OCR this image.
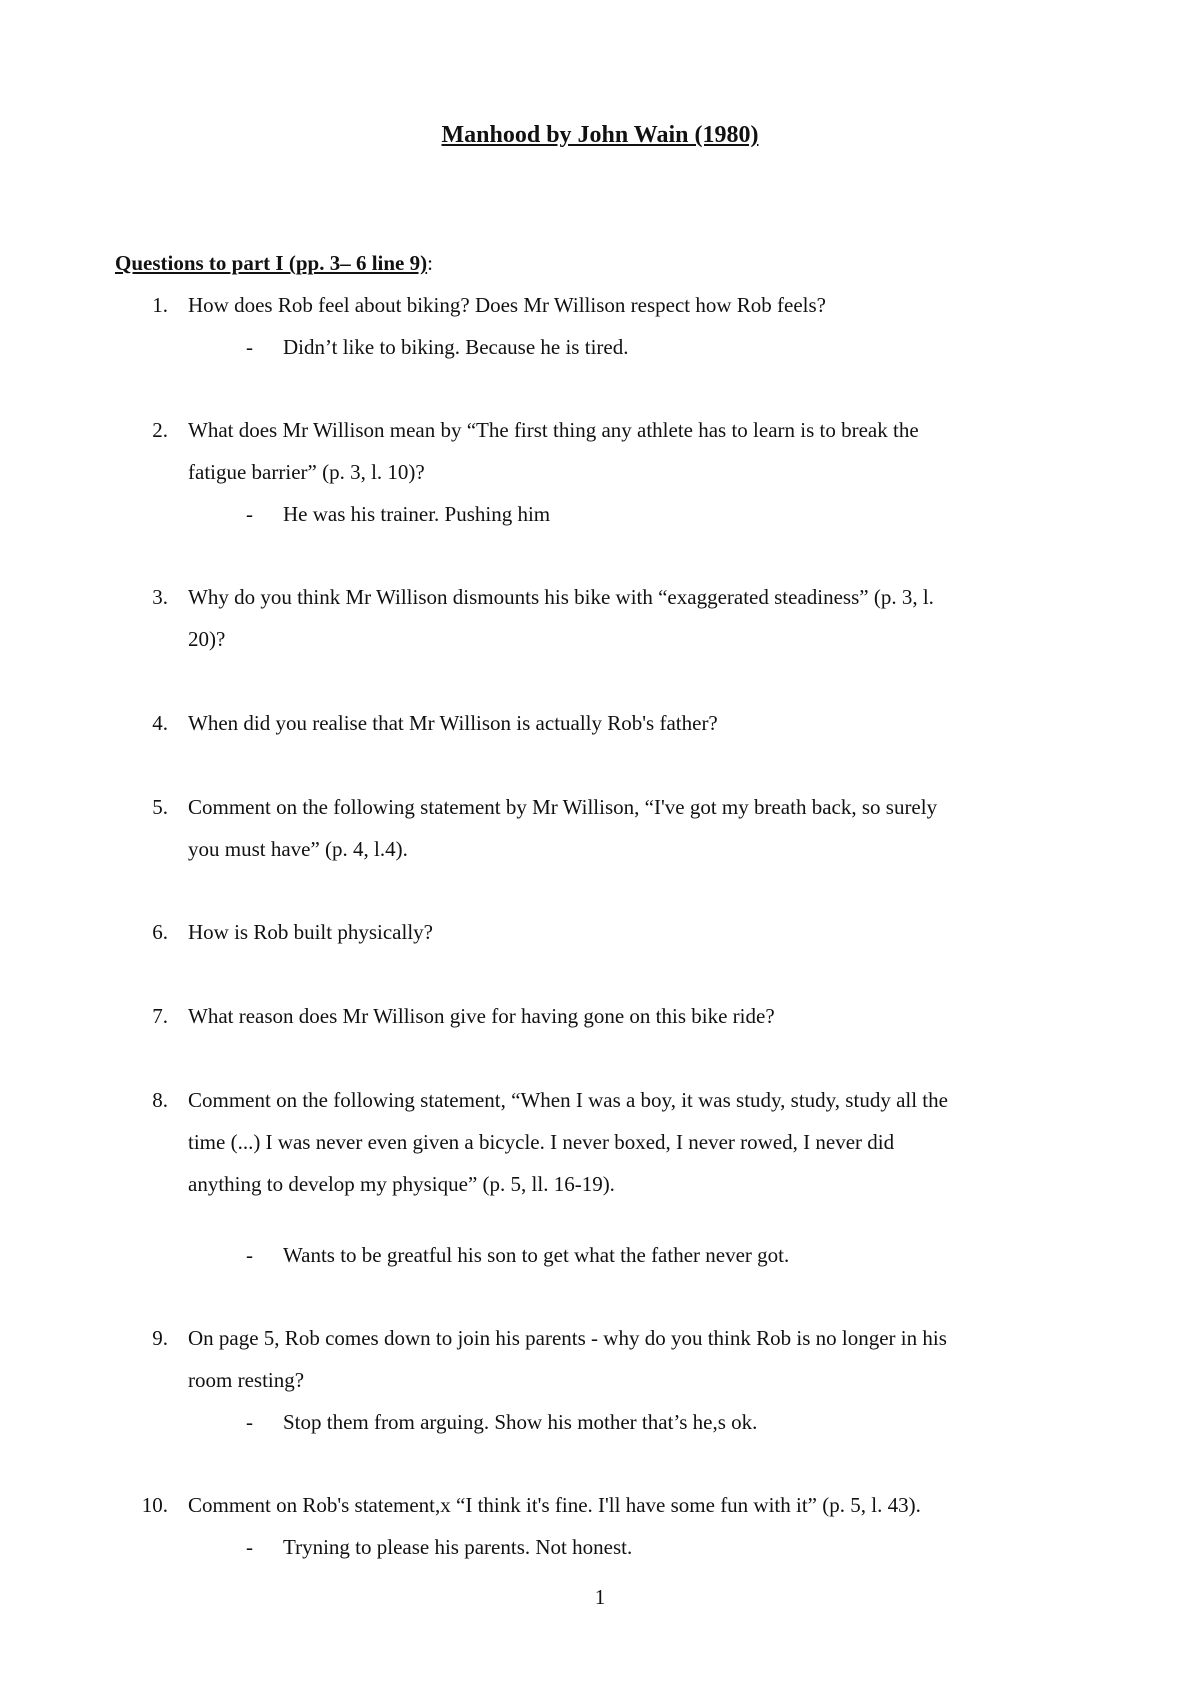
Manhood by John Wain (1980)
Questions to part I (pp. 3– 6 line 9):
1. How does Rob feel about biking? Does Mr Willison respect how Rob feels?
- Didn’t like to biking. Because he is tired.
2. What does Mr Willison mean by “The first thing any athlete has to learn is to break the
fatigue barrier” (p. 3, l. 10)?
- He was his trainer. Pushing him
3. Why do you think Mr Willison dismounts his bike with “exaggerated steadiness” (p. 3, l.
20)?
4. When did you realise that Mr Willison is actually Rob's father?
5. Comment on the following statement by Mr Willison, “I've got my breath back, so surely
you must have” (p. 4, l.4).
6. How is Rob built physically?
7. What reason does Mr Willison give for having gone on this bike ride?
8. Comment on the following statement, “When I was a boy, it was study, study, study all the
time (...) I was never even given a bicycle. I never boxed, I never rowed, I never did
anything to develop my physique” (p. 5, ll. 16-19).
- Wants to be greatful his son to get what the father never got.
9. On page 5, Rob comes down to join his parents - why do you think Rob is no longer in his
room resting?
- Stop them from arguing. Show his mother that’s he,s ok.
10. Comment on Rob's statement,x “I think it's fine. I'll have some fun with it” (p. 5, l. 43).
- Tryning to please his parents. Not honest.
1
